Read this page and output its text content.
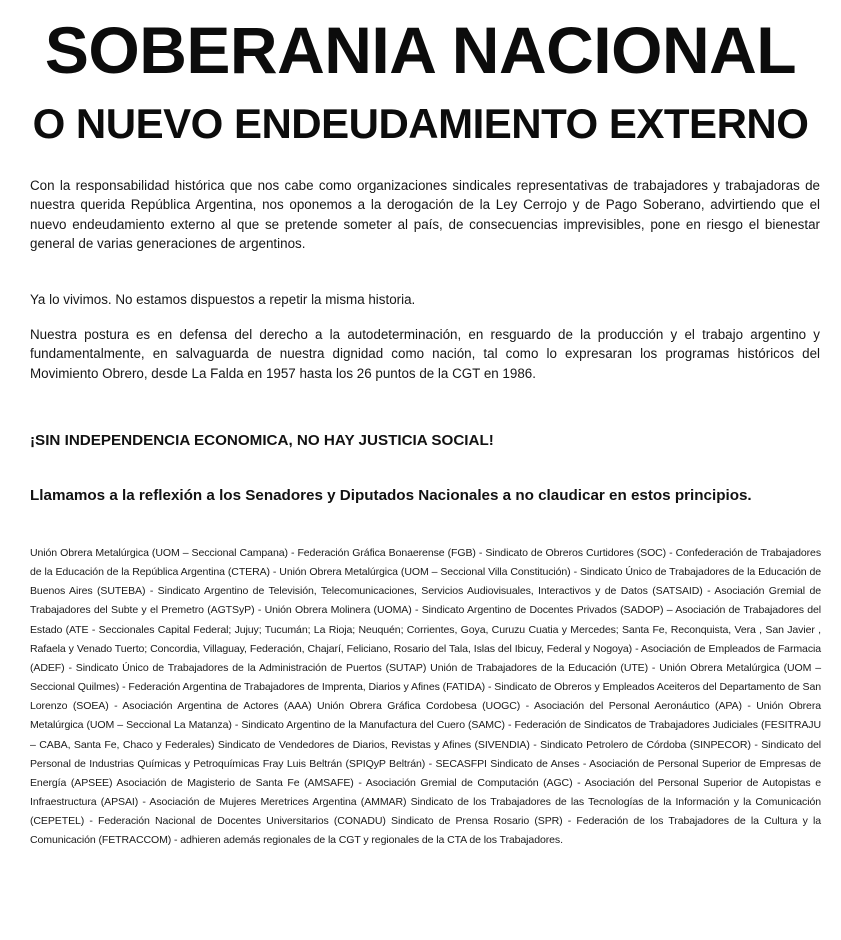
SOBERANIA NACIONAL
O NUEVO ENDEUDAMIENTO EXTERNO

Con la responsabilidad histórica que nos cabe como organizaciones sindicales representativas de trabajadores y trabajadoras de nuestra querida República Argentina, nos oponemos a la derogación de la Ley Cerrojo y de Pago Soberano, advirtiendo que el nuevo endeudamiento externo al que se pretende someter al país, de consecuencias imprevisibles, pone en riesgo el bienestar general de varias generaciones de argentinos.

Ya lo vivimos. No estamos dispuestos a repetir la misma historia.

Nuestra postura es en defensa del derecho a la autodeterminación, en resguardo de la producción y el trabajo argentino y fundamentalmente, en salvaguarda de nuestra dignidad como nación, tal como lo expresaran los programas históricos del Movimiento Obrero, desde La Falda en 1957 hasta los 26 puntos de la CGT en 1986.

¡SIN INDEPENDENCIA ECONOMICA, NO HAY JUSTICIA SOCIAL!
Llamamos a la reflexión a los Senadores y Diputados Nacionales a no claudicar en estos principios.

Unión Obrera Metalúrgica (UOM – Seccional Campana) - Federación Gráfica Bonaerense (FGB) - Sindicato de Obreros Curtidores (SOC) - Confederación de Trabajadores de la Educación de la República Argentina (CTERA) - Unión Obrera Metalúrgica (UOM – Seccional Villa Constitución) - Sindicato Único de Trabajadores de la Educación de Buenos Aires (SUTEBA) - Sindicato Argentino de Televisión, Telecomunicaciones, Servicios Audiovisuales, Interactivos y de Datos (SATSAID) - Asociación Gremial de Trabajadores del Subte y el Premetro (AGTSyP) - Unión Obrera Molinera (UOMA) - Sindicato Argentino de Docentes Privados (SADOP) – Asociación de Trabajadores del Estado (ATE - Seccionales Capital Federal; Jujuy; Tucumán; La Rioja; Neuquén; Corrientes, Goya, Curuzu Cuatia y Mercedes; Santa Fe, Reconquista, Vera , San Javier , Rafaela y Venado Tuerto; Concordia, Villaguay, Federación, Chajarí, Feliciano, Rosario del Tala, Islas del Ibicuy, Federal y Nogoya) - Asociación de Empleados de Farmacia (ADEF) - Sindicato Único de Trabajadores de la Administración de Puertos (SUTAP) Unión de Trabajadores de la Educación (UTE) - Unión Obrera Metalúrgica (UOM – Seccional Quilmes) - Federación Argentina de Trabajadores de Imprenta, Diarios y Afines (FATIDA) - Sindicato de Obreros y Empleados Aceiteros del Departamento de San Lorenzo (SOEA) - Asociación Argentina de Actores (AAA) Unión Obrera Gráfica Cordobesa (UOGC) - Asociación del Personal Aeronáutico (APA) - Unión Obrera Metalúrgica (UOM – Seccional La Matanza) - Sindicato Argentino de la Manufactura del Cuero (SAMC) - Federación de Sindicatos de Trabajadores Judiciales (FESITRAJU – CABA, Santa Fe, Chaco y Federales) Sindicato de Vendedores de Diarios, Revistas y Afines (SIVENDIA) - Sindicato Petrolero de Córdoba (SINPECOR) - Sindicato del Personal de Industrias Químicas y Petroquímicas Fray Luis Beltrán (SPIQyP Beltrán) - SECASFPI Sindicato de Anses - Asociación de Personal Superior de Empresas de Energía (APSEE) Asociación de Magisterio de Santa Fe (AMSAFE) - Asociación Gremial de Computación (AGC) - Asociación del Personal Superior de Autopistas e Infraestructura (APSAI) - Asociación de Mujeres Meretrices Argentina (AMMAR) Sindicato de los Trabajadores de las Tecnologías de la Información y la Comunicación (CEPETEL) - Federación Nacional de Docentes Universitarios (CONADU) Sindicato de Prensa Rosario (SPR) - Federación de los Trabajadores de la Cultura y la Comunicación (FETRACCOM) - adhieren además regionales de la CGT y regionales de la CTA de los Trabajadores.
